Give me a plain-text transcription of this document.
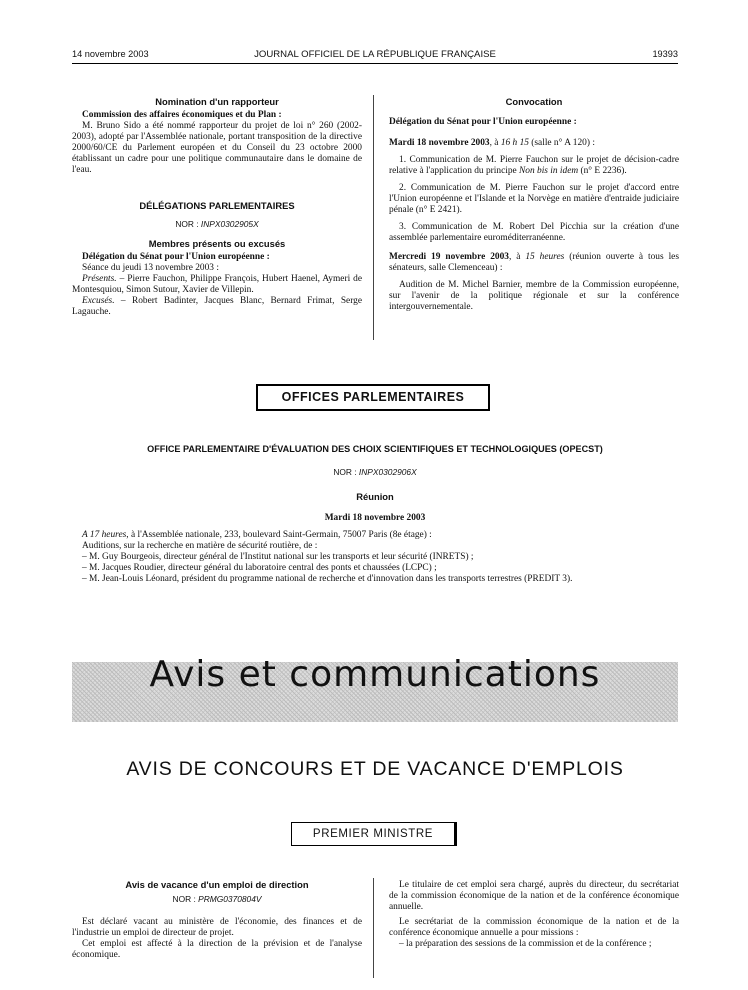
14 novembre 2003	JOURNAL OFFICIEL DE LA RÉPUBLIQUE FRANÇAISE	19393
Nomination d'un rapporteur

Commission des affaires économiques et du Plan :

M. Bruno Sido a été nommé rapporteur du projet de loi n° 260 (2002-2003), adopté par l'Assemblée nationale, portant transposition de la directive 2000/60/CE du Parlement européen et du Conseil du 23 octobre 2000 établissant un cadre pour une politique communautaire dans le domaine de l'eau.

DÉLÉGATIONS PARLEMENTAIRES
NOR : INPX0302905X
Membres présents ou excusés

Délégation du Sénat pour l'Union européenne :

Séance du jeudi 13 novembre 2003 :

Présents. – Pierre Fauchon, Philippe François, Hubert Haenel, Aymeri de Montesquiou, Simon Sutour, Xavier de Villepin.

Excusés. – Robert Badinter, Jacques Blanc, Bernard Frimat, Serge Lagauche.

Convocation

Délégation du Sénat pour l'Union européenne :

Mardi 18 novembre 2003, à 16 h 15 (salle n° A 120) :

1. Communication de M. Pierre Fauchon sur le projet de décision-cadre relative à l'application du principe Non bis in idem (n° E 2236).

2. Communication de M. Pierre Fauchon sur le projet d'accord entre l'Union européenne et l'Islande et la Norvège en matière d'entraide judiciaire pénale (n° E 2421).

3. Communication de M. Robert Del Picchia sur la création d'une assemblée parlementaire euroméditerranéenne.

Mercredi 19 novembre 2003, à 15 heures (réunion ouverte à tous les sénateurs, salle Clemenceau) :

Audition de M. Michel Barnier, membre de la Commission européenne, sur l'avenir de la politique régionale et sur la conférence intergouvernementale.

OFFICES PARLEMENTAIRES
OFFICE PARLEMENTAIRE D'ÉVALUATION DES CHOIX SCIENTIFIQUES ET TECHNOLOGIQUES (OPECST)
NOR : INPX0302906X
Réunion
Mardi 18 novembre 2003

A 17 heures, à l'Assemblée nationale, 233, boulevard Saint-Germain, 75007 Paris (8e étage) :

Auditions, sur la recherche en matière de sécurité routière, de :

– M. Guy Bourgeois, directeur général de l'Institut national sur les transports et leur sécurité (INRETS) ;

– M. Jacques Roudier, directeur général du laboratoire central des ponts et chaussées (LCPC) ;

– M. Jean-Louis Léonard, président du programme national de recherche et d'innovation dans les transports terrestres (PREDIT 3).

Avis et communications
AVIS DE CONCOURS ET DE VACANCE D'EMPLOIS
PREMIER MINISTRE
Avis de vacance d'un emploi de direction
NOR : PRMG0370804V

Est déclaré vacant au ministère de l'économie, des finances et de l'industrie un emploi de directeur de projet.

Cet emploi est affecté à la direction de la prévision et de l'analyse économique.

Le titulaire de cet emploi sera chargé, auprès du directeur, du secrétariat de la commission économique de la nation et de la conférence économique annuelle.

Le secrétariat de la commission économique de la nation et de la conférence économique annuelle a pour missions :

– la préparation des sessions de la commission et de la conférence ;
